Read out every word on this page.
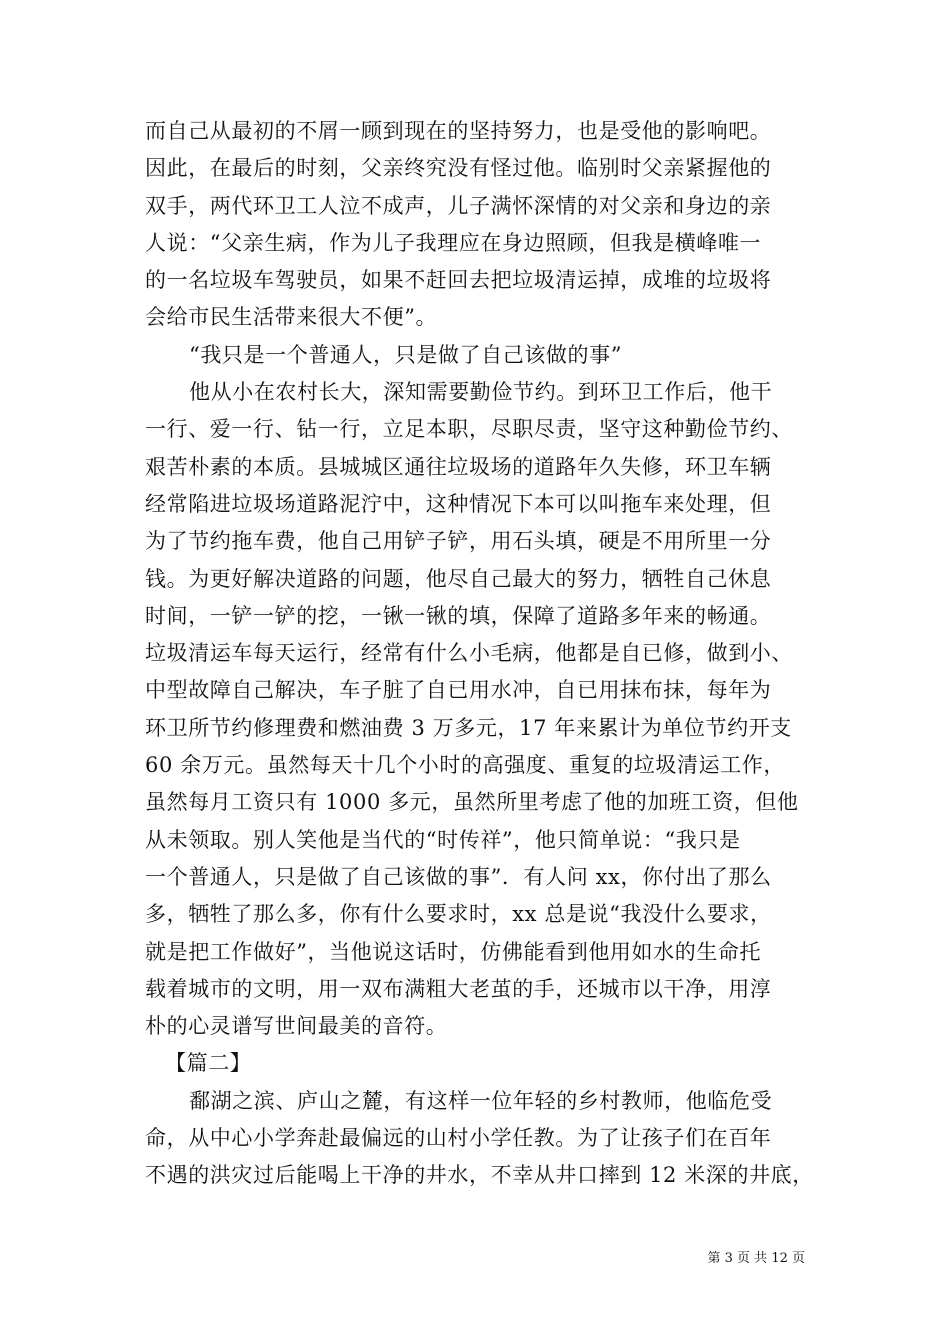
而自己从最初的不屑一顾到现在的坚持努力，也是受他的影响吧。
因此，在最后的时刻，父亲终究没有怪过他。临别时父亲紧握他的
双手，两代环卫工人泣不成声，儿子满怀深情的对父亲和身边的亲
人说：“父亲生病，作为儿子我理应在身边照顾，但我是横峰唯一
的一名垃圾车驾驶员，如果不赶回去把垃圾清运掉，成堆的垃圾将
会给市民生活带来很大不便”。
“我只是一个普通人，只是做了自己该做的事”
他从小在农村长大，深知需要勤俭节约。到环卫工作后，他干
一行、爱一行、钻一行，立足本职，尽职尽责，坚守这种勤俭节约、
艰苦朴素的本质。县城城区通往垃圾场的道路年久失修，环卫车辆
经常陷进垃圾场道路泥泞中，这种情况下本可以叫拖车来处理，但
为了节约拖车费，他自己用铲子铲，用石头填，硬是不用所里一分
钱。为更好解决道路的问题，他尽自己最大的努力，牺牲自己休息
时间，一铲一铲的挖，一锹一锹的填，保障了道路多年来的畅通。
垃圾清运车每天运行，经常有什么小毛病，他都是自已修，做到小、
中型故障自己解决，车子脏了自已用水冲，自已用抹布抹，每年为
环卫所节约修理费和燃油费 3 万多元，17 年来累计为单位节约开支
60 余万元。虽然每天十几个小时的高强度、重复的垃圾清运工作，
虽然每月工资只有 1000 多元，虽然所里考虑了他的加班工资，但他
从未领取。别人笑他是当代的“时传祥”，他只简单说：“我只是
一个普通人，只是做了自己该做的事”．有人问 xx，你付出了那么
多，牺牲了那么多，你有什么要求时，xx 总是说“我没什么要求，
就是把工作做好”，当他说这话时，仿佛能看到他用如水的生命托
载着城市的文明，用一双布满粗大老茧的手，还城市以干净，用淳
朴的心灵谱写世间最美的音符。
【篇二】
鄱湖之滨、庐山之麓，有这样一位年轻的乡村教师，他临危受
命，从中心小学奔赴最偏远的山村小学任教。为了让孩子们在百年
不遇的洪灾过后能喝上干净的井水，不幸从井口摔到 12 米深的井底，
第 3 页 共 12 页
